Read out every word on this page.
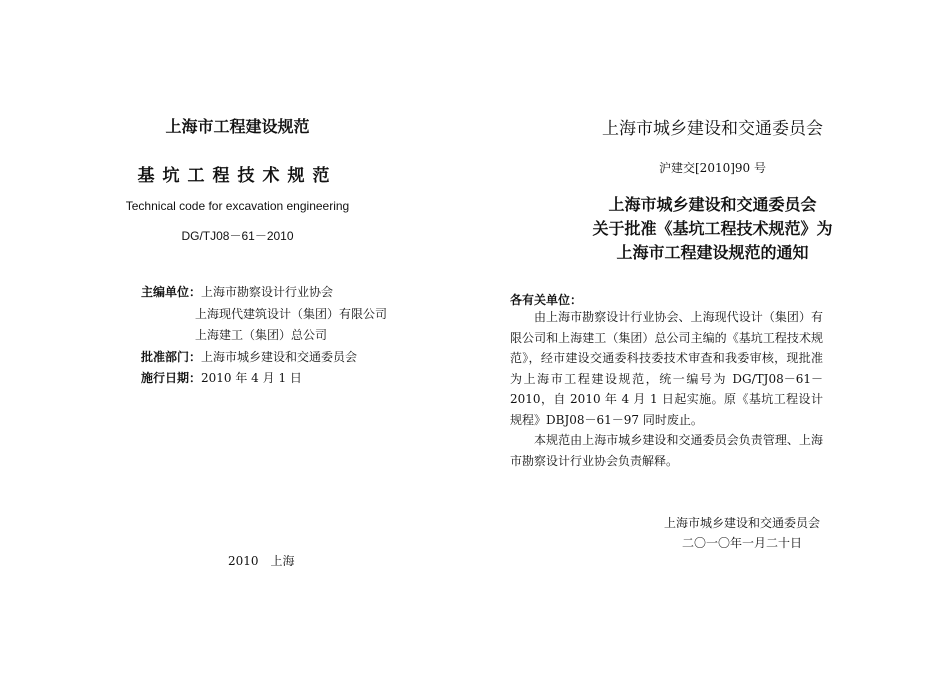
上海市工程建设规范
基坑工程技术规范
Technical code for excavation engineering
DG/TJ08－61－2010
主编单位：上海市勘察设计行业协会
上海现代建筑设计（集团）有限公司
上海建工（集团）总公司
批准部门：上海市城乡建设和交通委员会
施行日期：2010 年 4 月 1 日
2010　上海
上海市城乡建设和交通委员会
沪建交[2010]90 号
上海市城乡建设和交通委员会
关于批准《基坑工程技术规范》为
上海市工程建设规范的通知
各有关单位：

由上海市勘察设计行业协会、上海现代设计（集团）有限公司和上海建工（集团）总公司主编的《基坑工程技术规范》，经市建设交通委科技委技术审查和我委审核，现批准为上海市工程建设规范，统一编号为 DG/TJ08－61－2010，自 2010 年 4 月 1 日起实施。原《基坑工程设计规程》DBJ08－61－97 同时废止。

本规范由上海市城乡建设和交通委员会负责管理、上海市勘察设计行业协会负责解释。

上海市城乡建设和交通委员会
二〇一〇年一月二十日
